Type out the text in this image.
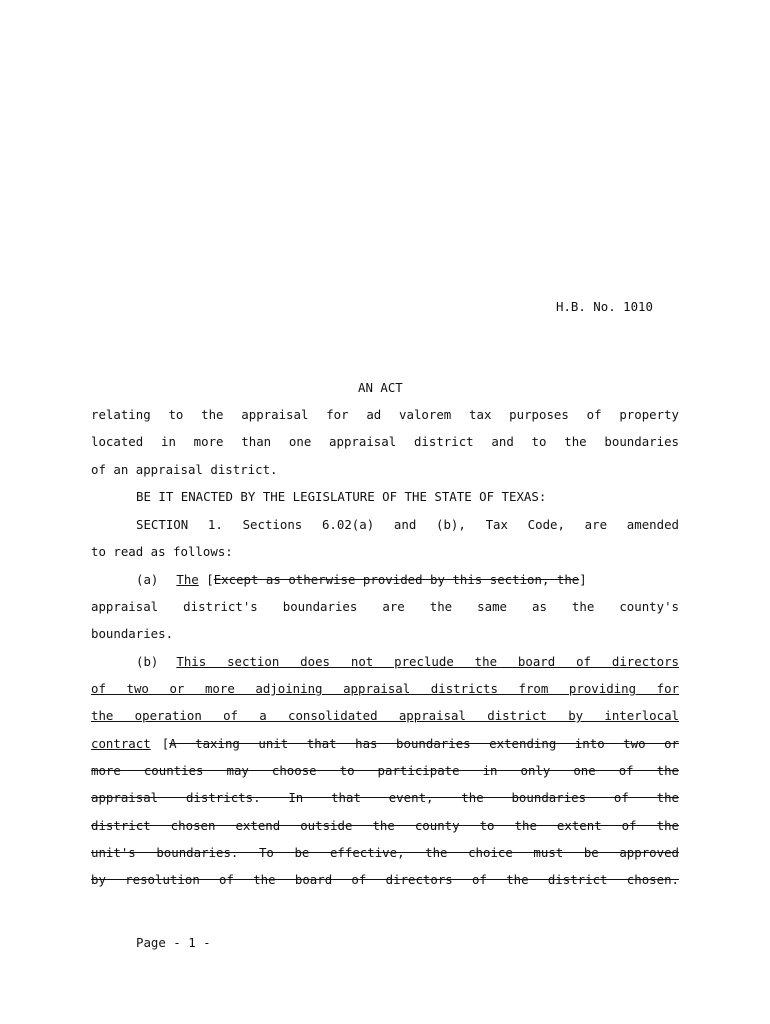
H.B. No. 1010
AN ACT
relating to the appraisal for ad valorem tax purposes of property
located in more than one appraisal district and to the boundaries
of an appraisal district.
BE IT ENACTED BY THE LEGISLATURE OF THE STATE OF TEXAS:
SECTION 1. Sections 6.02(a) and (b), Tax Code, are amended
to read as follows:
(a) The [Except as otherwise provided by this section, the]
appraisal district's boundaries are the same as the county's
boundaries.
(b) This section does not preclude the board of directors
of two or more adjoining appraisal districts from providing for
the operation of a consolidated appraisal district by interlocal
contract [ A taxing unit that has boundaries extending into two or
more counties may choose to participate in only one of the
appraisal districts. In that event, the boundaries of the
district chosen extend outside the county to the extent of the
unit's boundaries. To be effective, the choice must be approved
by resolution of the board of directors of the district chosen.
Page - 1 -
